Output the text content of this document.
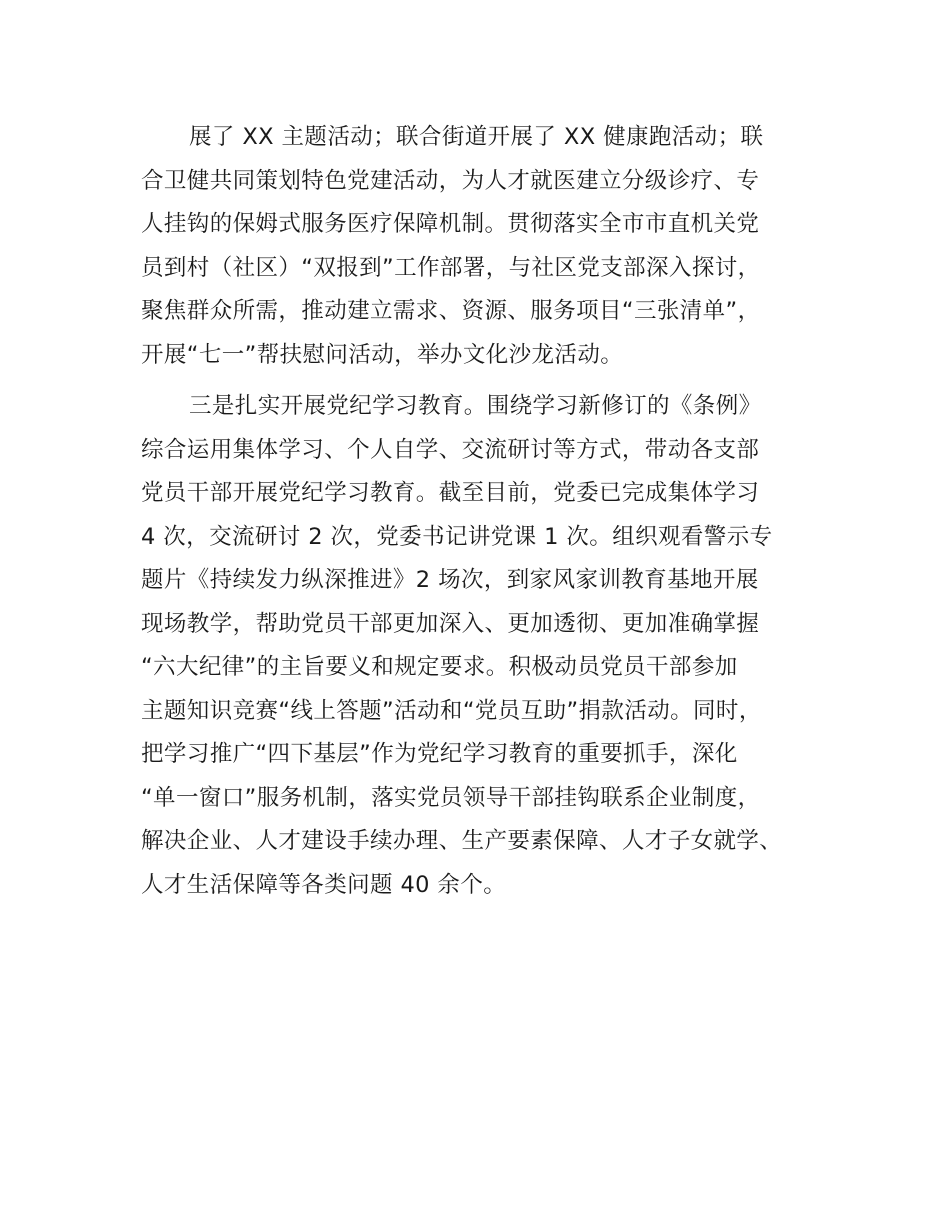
展了 XX 主题活动；联合街道开展了 XX 健康跑活动；联
合卫健共同策划特色党建活动，为人才就医建立分级诊疗、专
人挂钩的保姆式服务医疗保障机制。贯彻落实全市市直机关党
员到村（社区）“双报到”工作部署，与社区党支部深入探讨，
聚焦群众所需，推动建立需求、资源、服务项目“三张清单”，
开展“七一”帮扶慰问活动，举办文化沙龙活动。
三是扎实开展党纪学习教育。围绕学习新修订的《条例》
综合运用集体学习、个人自学、交流研讨等方式，带动各支部
党员干部开展党纪学习教育。截至目前，党委已完成集体学习
4 次，交流研讨 2 次，党委书记讲党课 1 次。组织观看警示专
题片《持续发力纵深推进》2 场次，到家风家训教育基地开展
现场教学，帮助党员干部更加深入、更加透彻、更加准确掌握
“六大纪律”的主旨要义和规定要求。积极动员党员干部参加
主题知识竞赛“线上答题”活动和“党员互助”捐款活动。同时，
把学习推广“四下基层”作为党纪学习教育的重要抓手，深化
“单一窗口”服务机制，落实党员领导干部挂钩联系企业制度，
解决企业、人才建设手续办理、生产要素保障、人才子女就学、
人才生活保障等各类问题 40 余个。
